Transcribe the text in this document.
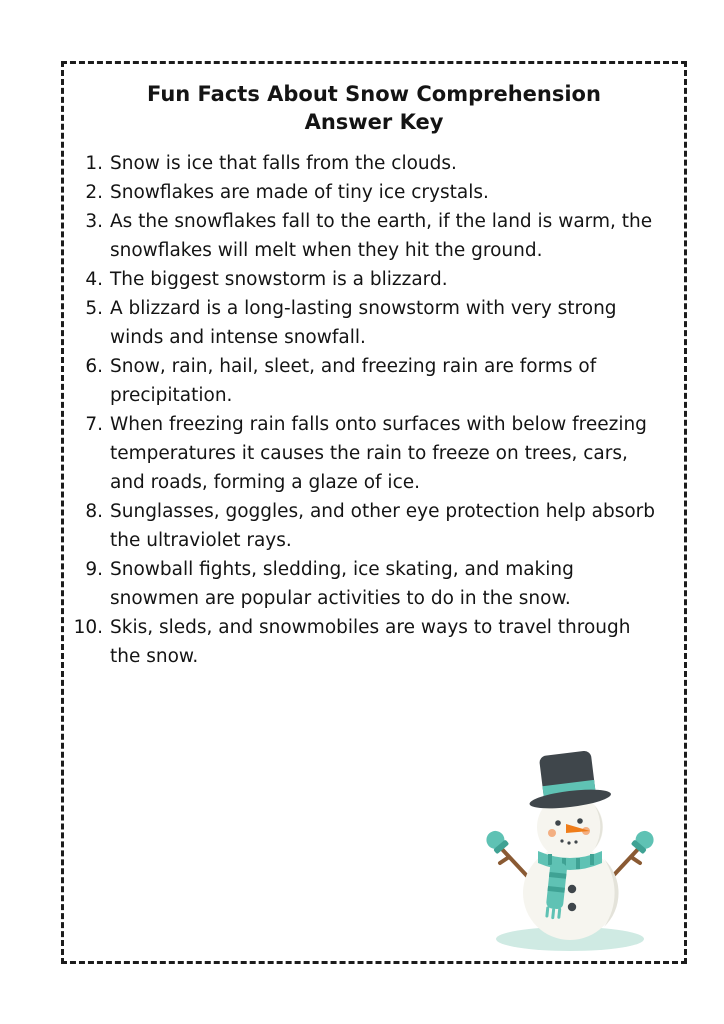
Fun Facts About Snow Comprehension
Answer Key
1. Snow is ice that falls from the clouds.
2. Snowflakes are made of tiny ice crystals.
3. As the snowflakes fall to the earth, if the land is warm, the snowflakes will melt when they hit the ground.
4. The biggest snowstorm is a blizzard.
5. A blizzard is a long-lasting snowstorm with very strong winds and intense snowfall.
6. Snow, rain, hail, sleet, and freezing rain are forms of precipitation.
7. When freezing rain falls onto surfaces with below freezing temperatures it causes the rain to freeze on trees, cars, and roads, forming a glaze of ice.
8. Sunglasses, goggles, and other eye protection help absorb the ultraviolet rays.
9. Snowball fights, sledding, ice skating, and making snowmen are popular activities to do in the snow.
10. Skis, sleds, and snowmobiles are ways to travel through the snow.
